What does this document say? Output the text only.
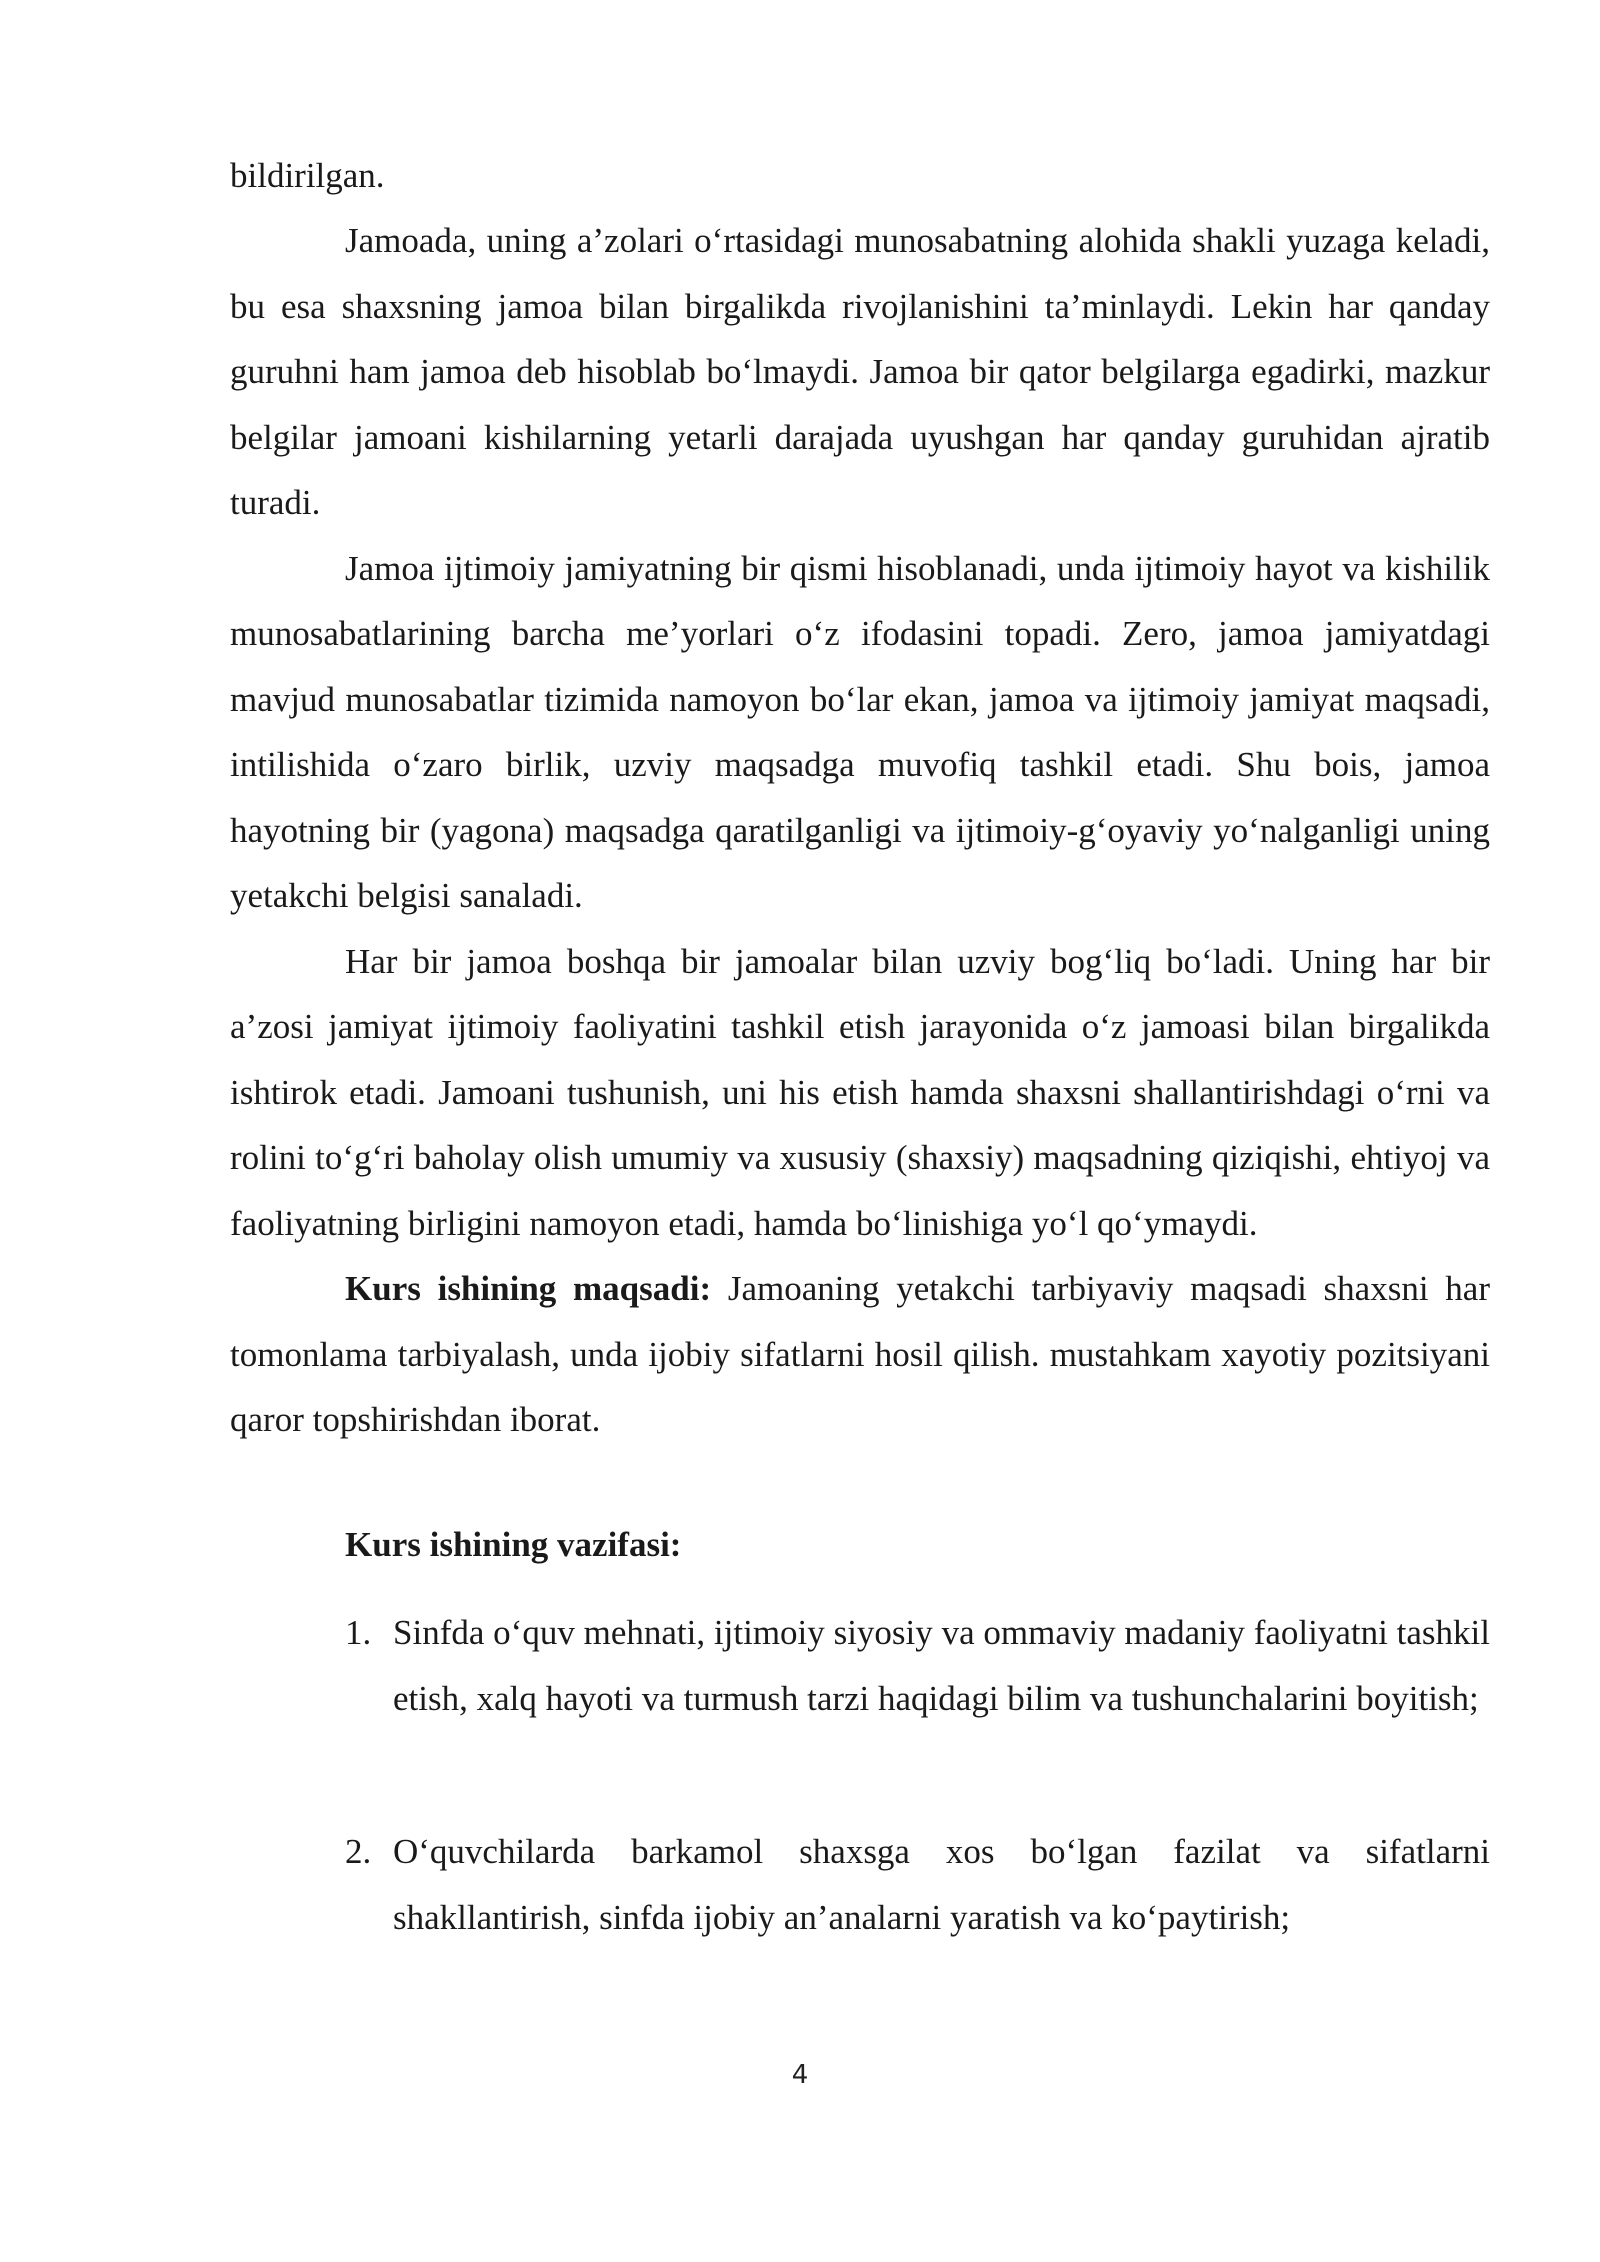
bildirilgan.

Jamoada, uning a’zolari o‘rtasidagi munosabatning alohida shakli yuzaga keladi, bu esa shaxsning jamoa bilan birgalikda rivojlanishini ta’minlaydi. Lekin har qanday guruhni ham jamoa deb hisoblab bo‘lmaydi. Jamoa bir qator belgilarga egadirki, mazkur belgilar jamoani kishilarning yetarli darajada uyushgan har qanday guruhidan ajratib turadi.

Jamoa ijtimoiy jamiyatning bir qismi hisoblanadi, unda ijtimoiy hayot va kishilik munosabatlarining barcha me’yorlari o‘z ifodasini topadi. Zero, jamoa jamiyatdagi mavjud munosabatlar tizimida namoyon bo‘lar ekan, jamoa va ijtimoiy jamiyat maqsadi, intilishida o‘zaro birlik, uzviy maqsadga muvofiq tashkil etadi. Shu bois, jamoa hayotning bir (yagona) maqsadga qaratilganligi va ijtimoiy-g‘oyaviy yo‘nalganligi uning yetakchi belgisi sanaladi.

Har bir jamoa boshqa bir jamoalar bilan uzviy bog‘liq bo‘ladi. Uning har bir a’zosi jamiyat ijtimoiy faoliyatini tashkil etish jarayonida o‘z jamoasi bilan birgalikda ishtirok etadi. Jamoani tushunish, uni his etish hamda shaxsni shallantirishdagi o‘rni va rolini to‘g‘ri baholay olish umumiy va xususiy (shaxsiy) maqsadning qiziqishi, ehtiyoj va faoliyatning birligini namoyon etadi, hamda bo‘linishiga yo‘l qo‘ymaydi.

Kurs ishining maqsadi: Jamoaning yetakchi tarbiyaviy maqsadi shaxsni har tomonlama tarbiyalash, unda ijobiy sifatlarni hosil qilish. mustahkam xayotiy pozitsiyani qaror topshirishdan iborat.

Kurs ishining vazifasi:

1. Sinfda o‘quv mehnati, ijtimoiy siyosiy va ommaviy madaniy faoliyatni tashkil etish, xalq hayoti va turmush tarzi haqidagi bilim va tushunchalarini boyitish;
2. O‘quvchilarda barkamol shaxsga xos bo‘lgan fazilat va sifatlarni shakllantirish, sinfda ijobiy an’analarni yaratish va ko‘paytirish;
4
